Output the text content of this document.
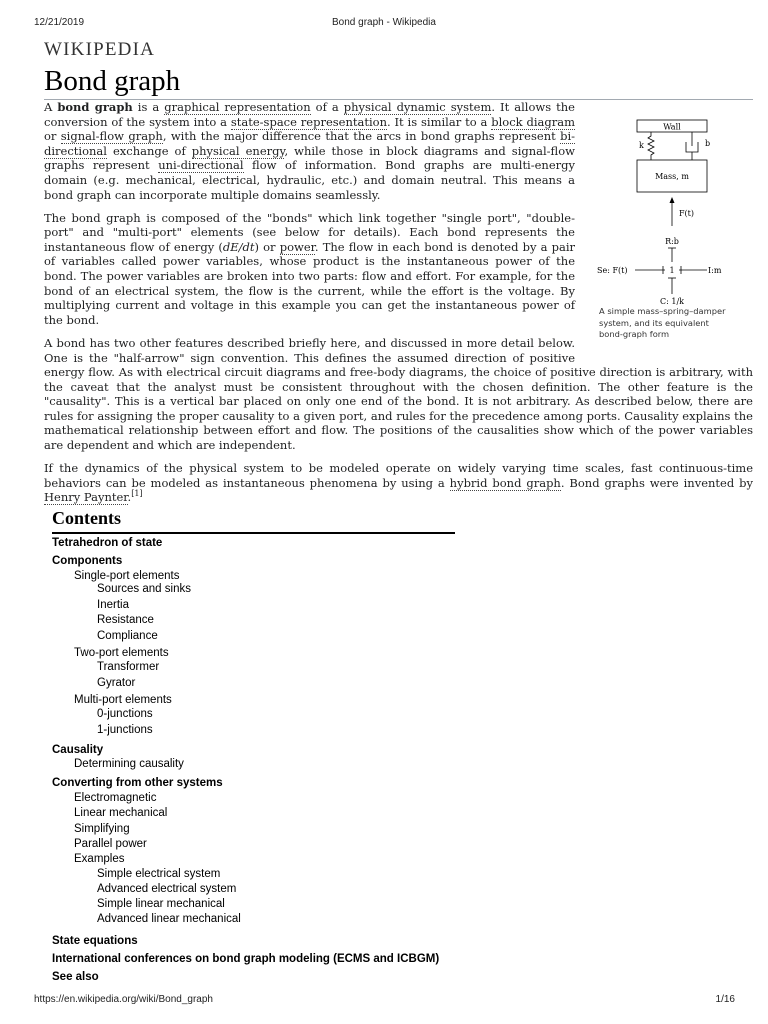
12/21/2019	Bond graph - Wikipedia
WIKIPEDIA
Bond graph
Wall
k	b
Mass, m
F(t)
R:b
Se: F(t)	1	I:m
C: 1/k
A simple mass–spring–damper system, and its equivalent bond-graph form

A bond graph is a graphical representation of a physical dynamic system. It allows the conversion of the system into a state-space representation. It is similar to a block diagram or signal-flow graph, with the major difference that the arcs in bond graphs represent bi-directional exchange of physical energy, while those in block diagrams and signal-flow graphs represent uni-directional flow of information. Bond graphs are multi-energy domain (e.g. mechanical, electrical, hydraulic, etc.) and domain neutral. This means a bond graph can incorporate multiple domains seamlessly.

The bond graph is composed of the "bonds" which link together "single port", "double-port" and "multi-port" elements (see below for details). Each bond represents the instantaneous flow of energy (dE/dt) or power. The flow in each bond is denoted by a pair of variables called power variables, whose product is the instantaneous power of the bond. The power variables are broken into two parts: flow and effort. For example, for the bond of an electrical system, the flow is the current, while the effort is the voltage. By multiplying current and voltage in this example you can get the instantaneous power of the bond.

A bond has two other features described briefly here, and discussed in more detail below. One is the "half-arrow" sign convention. This defines the assumed direction of positive energy flow. As with electrical circuit diagrams and free-body diagrams, the choice of positive direction is arbitrary, with the caveat that the analyst must be consistent throughout with the chosen definition. The other feature is the "causality". This is a vertical bar placed on only one end of the bond. It is not arbitrary. As described below, there are rules for assigning the proper causality to a given port, and rules for the precedence among ports. Causality explains the mathematical relationship between effort and flow. The positions of the causalities show which of the power variables are dependent and which are independent.

If the dynamics of the physical system to be modeled operate on widely varying time scales, fast continuous-time behaviors can be modeled as instantaneous phenomena by using a hybrid bond graph. Bond graphs were invented by Henry Paynter.[1]

Contents
Tetrahedron of state
Components
Single-port elements
Sources and sinks
Inertia
Resistance
Compliance
Two-port elements
Transformer
Gyrator
Multi-port elements
0-junctions
1-junctions
Causality
Determining causality
Converting from other systems
Electromagnetic
Linear mechanical
Simplifying
Parallel power
Examples
Simple electrical system
Advanced electrical system
Simple linear mechanical
Advanced linear mechanical
State equations
International conferences on bond graph modeling (ECMS and ICBGM)
See also
https://en.wikipedia.org/wiki/Bond_graph	1/16
